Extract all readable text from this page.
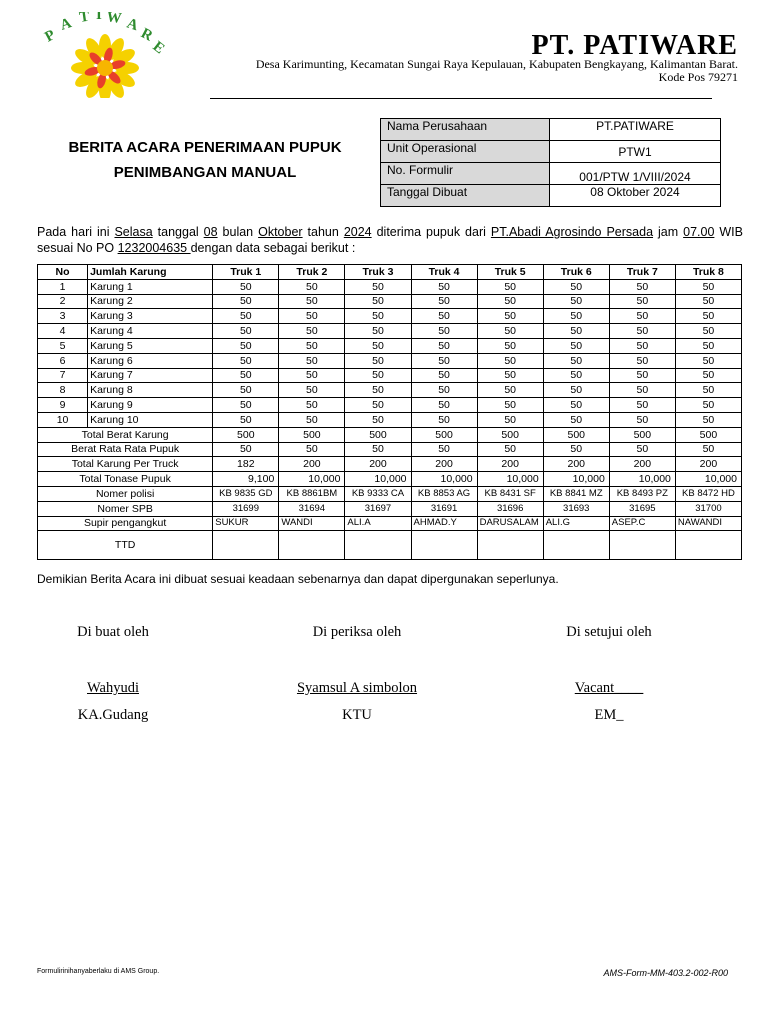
P
A T I W A
R
E	PT. PATIWARE
Desa Karimunting, Kecamatan Sungai Raya Kepulauan, Kabupaten Bengkayang, Kalimantan Barat.
Kode Pos 79271
BERITA ACARA PENERIMAAN PUPUK
PENIMBANGAN MANUAL
Nama Perusahaan	PT.PATIWARE
Unit Operasional	PTW1
No. Formulir	001/PTW 1/VIII/2024
Tanggal Dibuat	08 Oktober 2024
Pada hari ini Selasa tanggal 08 bulan Oktober tahun 2024 diterima pupuk dari PT.Abadi Agrosindo Persada jam 07.00 WIB sesuai No PO 1232004635 dengan data sebagai berikut :
No	Jumlah Karung	Truk 1	Truk 2	Truk 3	Truk 4	Truk 5	Truk 6	Truk 7	Truk 8
1	Karung 1	50	50	50	50	50	50	50	50
2	Karung 2	50	50	50	50	50	50	50	50
3	Karung 3	50	50	50	50	50	50	50	50
4	Karung 4	50	50	50	50	50	50	50	50
5	Karung 5	50	50	50	50	50	50	50	50
6	Karung 6	50	50	50	50	50	50	50	50
7	Karung 7	50	50	50	50	50	50	50	50
8	Karung 8	50	50	50	50	50	50	50	50
9	Karung 9	50	50	50	50	50	50	50	50
10	Karung 10	50	50	50	50	50	50	50	50
Total Berat Karung		500	500	500	500	500	500	500	500
Berat Rata Rata Pupuk		50	50	50	50	50	50	50	50
Total Karung Per Truck		182	200	200	200	200	200	200	200
Total Tonase Pupuk		9,100	10,000	10,000	10,000	10,000	10,000	10,000	10,000
Nomer polisi		KB 9835 GD	KB 8861BM	KB 9333 CA	KB 8853 AG	KB 8431 SF	KB 8841 MZ	KB 8493 PZ	KB 8472 HD
Nomer SPB		31699	31694	31697	31691	31696	31693	31695	31700
Supir pengangkut		SUKUR	WANDI	ALI.A	AHMAD.Y	DARUSALAM	ALI.G	ASEP.C	NAWANDI
TTD									
Demikian Berita Acara ini dibuat sesuai keadaan sebenarnya dan dapat dipergunakan seperlunya.
Di buat oleh
Wahyudi
KA.Gudang
Di periksa oleh
Syamsul A simbolon
KTU
Di setujui oleh
Vacant____
EM_
Formulirinihanyaberlaku di AMS Group.	AMS-Form-MM-403.2-002-R00
